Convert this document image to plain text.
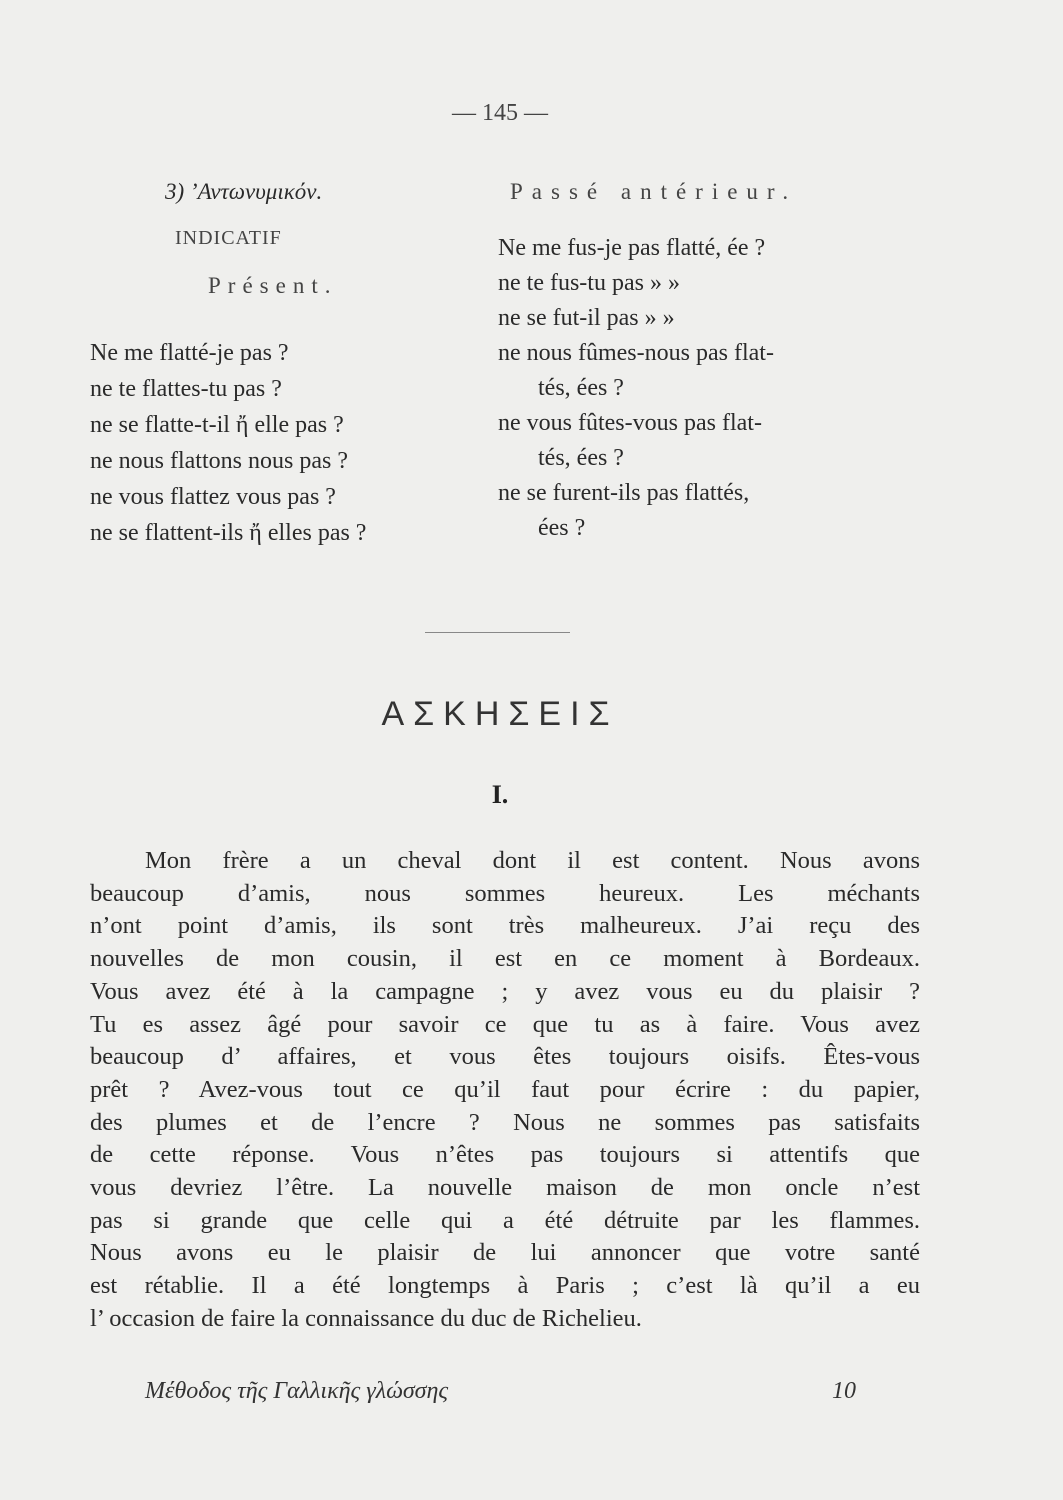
— 145 —
3) ’Αντωνυμικόν.
INDICATIF
Présent.
Ne me flatté-je pas ?
ne te flattes-tu pas ?
ne se flatte-t-il ἤ elle pas ?
ne nous flattons nous pas ?
ne vous flattez vous pas ?
ne se flattent-ils ἤ elles pas ?
Passé antérieur.
Ne me fus-je pas flatté, ée ?
ne te fus-tu pas » »
ne se fut-il pas » »
ne nous fûmes-nous pas flat-
tés, ées ?
ne vous fûtes-vous pas flat-
tés, ées ?
ne se furent-ils pas flattés,
ées ?
ΑΣΚΗΣΕΙΣ
I.
Mon frère a un cheval dont il est content. Nous avons
beaucoup d’amis, nous sommes heureux. Les méchants
n’ont point d’amis, ils sont très malheureux. J’ai reçu des
nouvelles de mon cousin, il est en ce moment à Bordeaux.
Vous avez été à la campagne ; y avez vous eu du plaisir ?
Tu es assez âgé pour savoir ce que tu as à faire. Vous avez
beaucoup d’ affaires, et vous êtes toujours oisifs. Êtes-vous
prêt ? Avez-vous tout ce qu’il faut pour écrire : du papier,
des plumes et de l’encre ? Nous ne sommes pas satisfaits
de cette réponse. Vous n’êtes pas toujours si attentifs que
vous devriez l’être. La nouvelle maison de mon oncle n’est
pas si grande que celle qui a été détruite par les flammes.
Nous avons eu le plaisir de lui annoncer que votre santé
est rétablie. Il a été longtemps à Paris ; c’est là qu’il a eu
l’ occasion de faire la connaissance du duc de Richelieu.
Μέθοδος τῆς Γαλλικῆς γλώσσης	10
